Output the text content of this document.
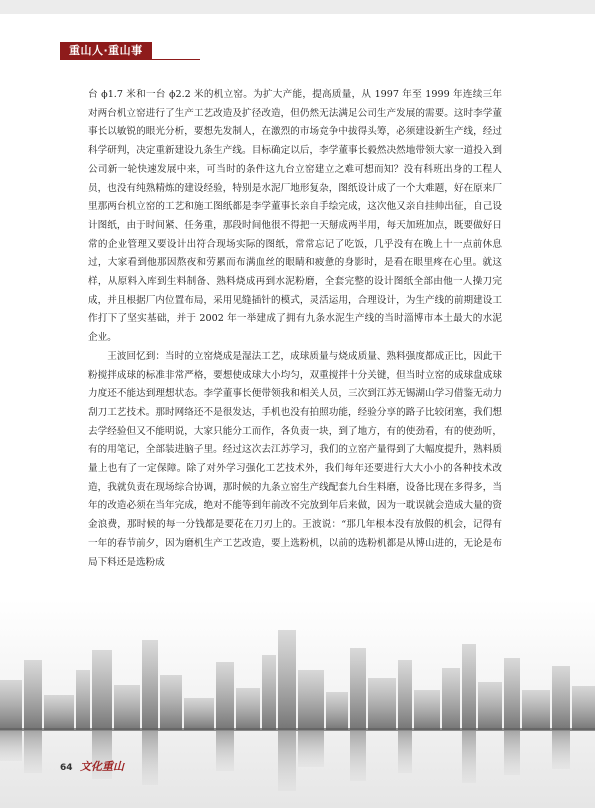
重山人·重山事

台 ϕ1.7 米和一台 ϕ2.2 米的机立窑。为扩大产能，提高质量，从 1997 年至 1999 年连续三年对两台机立窑进行了生产工艺改造及扩径改造，但仍然无法满足公司生产发展的需要。这时李学董事长以敏锐的眼光分析，要想先发制人，在激烈的市场竞争中拔得头筹，必须建设新生产线，经过科学研判，决定重新建设九条生产线。目标确定以后，李学董事长毅然决然地带领大家一道投入到公司新一轮快速发展中来，可当时的条件这九台立窑建立之难可想而知？没有科班出身的工程人员，也没有纯熟精炼的建设经验，特别是水泥厂地形复杂，图纸设计成了一个大难题，好在原来厂里那两台机立窑的工艺和施工图纸都是李学董事长亲自手绘完成，这次他又亲自挂帅出征，自己设计图纸，由于时间紧、任务重，那段时间他很不得把一天掰成两半用，每天加班加点，既要做好日常的企业管理又要设计出符合现场实际的图纸，常常忘记了吃饭，几乎没有在晚上十一点前休息过，大家看到他那因熬夜和劳累而布满血丝的眼睛和疲惫的身影时，是看在眼里疼在心里。就这样，从原料入库到生料制备、熟料烧成再到水泥粉磨，全套完整的设计图纸全部由他一人操刀完成，并且根据厂内位置布局，采用见缝插针的模式，灵活运用，合理设计，为生产线的前期建设工作打下了坚实基础，并于 2002 年一举建成了拥有九条水泥生产线的当时淄博市本土最大的水泥企业。

王波回忆到：当时的立窑烧成是湿法工艺，成球质量与烧成质量、熟料强度都成正比，因此干粉搅拌成球的标准非常严格，要想使成球大小均匀，双重搅拌十分关键，但当时立窑的成球盘成球力度还不能达到理想状态。李学董事长便带领我和相关人员，三次到江苏无锡湖山学习借鉴无动力刮刀工艺技术。那时网络还不是很发达，手机也没有拍照功能，经验分享的路子比较闭塞，我们想去学经验但又不能明说，大家只能分工而作，各负责一块，到了地方，有的使劲看，有的使劲听，有的用笔记，全部装进脑子里。经过这次去江苏学习，我们的立窑产量得到了大幅度提升，熟料质量上也有了一定保障。除了对外学习强化工艺技术外，我们每年还要进行大大小小的各种技术改造，我就负责在现场综合协调，那时候的九条立窑生产线配套九台生料磨，设备比现在多得多，当年的改造必须在当年完成，绝对不能等到年前改不完放到年后来做，因为一耽误就会造成大量的资金浪费，那时候的每一分钱都是要花在刀刃上的。王波说：“那几年根本没有放假的机会，记得有一年的春节前夕，因为磨机生产工艺改造，要上选粉机，以前的选粉机都是从博山进的，无论是布局下料还是选粉成

64 文化重山
